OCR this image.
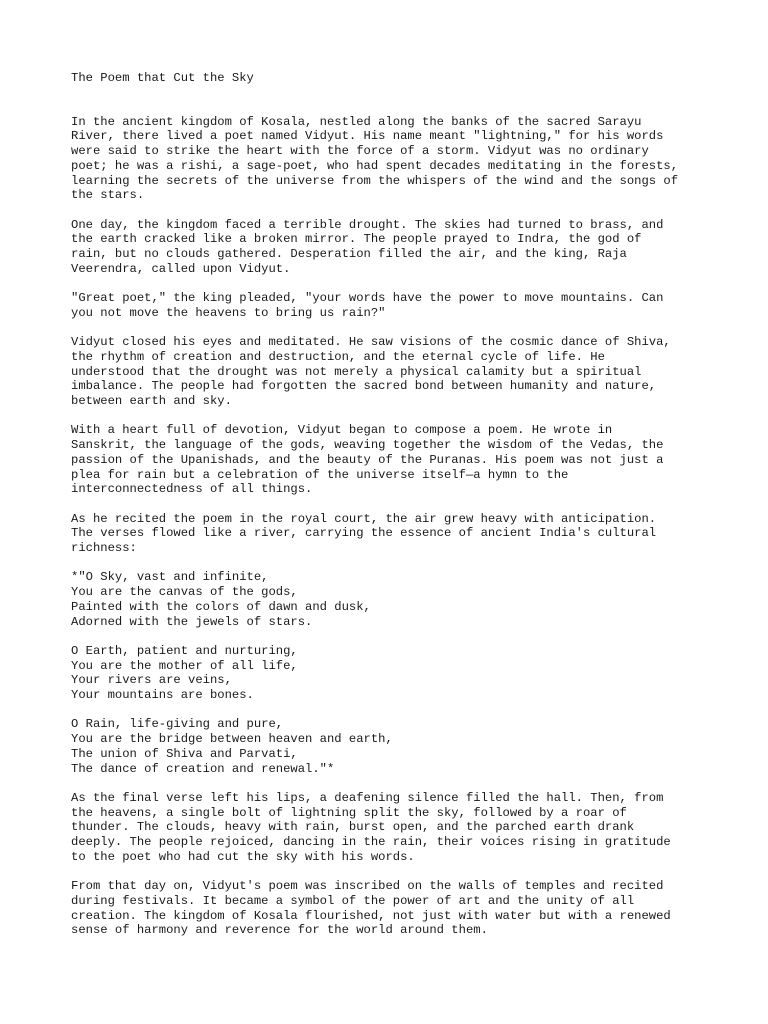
The Poem that Cut the Sky

In the ancient kingdom of Kosala, nestled along the banks of the sacred Sarayu
River, there lived a poet named Vidyut. His name meant "lightning," for his words
were said to strike the heart with the force of a storm. Vidyut was no ordinary
poet; he was a rishi, a sage-poet, who had spent decades meditating in the forests,
learning the secrets of the universe from the whispers of the wind and the songs of
the stars.

One day, the kingdom faced a terrible drought. The skies had turned to brass, and
the earth cracked like a broken mirror. The people prayed to Indra, the god of
rain, but no clouds gathered. Desperation filled the air, and the king, Raja
Veerendra, called upon Vidyut.

"Great poet," the king pleaded, "your words have the power to move mountains. Can
you not move the heavens to bring us rain?"

Vidyut closed his eyes and meditated. He saw visions of the cosmic dance of Shiva,
the rhythm of creation and destruction, and the eternal cycle of life. He
understood that the drought was not merely a physical calamity but a spiritual
imbalance. The people had forgotten the sacred bond between humanity and nature,
between earth and sky.

With a heart full of devotion, Vidyut began to compose a poem. He wrote in
Sanskrit, the language of the gods, weaving together the wisdom of the Vedas, the
passion of the Upanishads, and the beauty of the Puranas. His poem was not just a
plea for rain but a celebration of the universe itself—a hymn to the
interconnectedness of all things.

As he recited the poem in the royal court, the air grew heavy with anticipation.
The verses flowed like a river, carrying the essence of ancient India's cultural
richness:

*"O Sky, vast and infinite,
You are the canvas of the gods,
Painted with the colors of dawn and dusk,
Adorned with the jewels of stars.

O Earth, patient and nurturing,
You are the mother of all life,
Your rivers are veins,
Your mountains are bones.

O Rain, life-giving and pure,
You are the bridge between heaven and earth,
The union of Shiva and Parvati,
The dance of creation and renewal."*

As the final verse left his lips, a deafening silence filled the hall. Then, from
the heavens, a single bolt of lightning split the sky, followed by a roar of
thunder. The clouds, heavy with rain, burst open, and the parched earth drank
deeply. The people rejoiced, dancing in the rain, their voices rising in gratitude
to the poet who had cut the sky with his words.

From that day on, Vidyut's poem was inscribed on the walls of temples and recited
during festivals. It became a symbol of the power of art and the unity of all
creation. The kingdom of Kosala flourished, not just with water but with a renewed
sense of harmony and reverence for the world around them.
